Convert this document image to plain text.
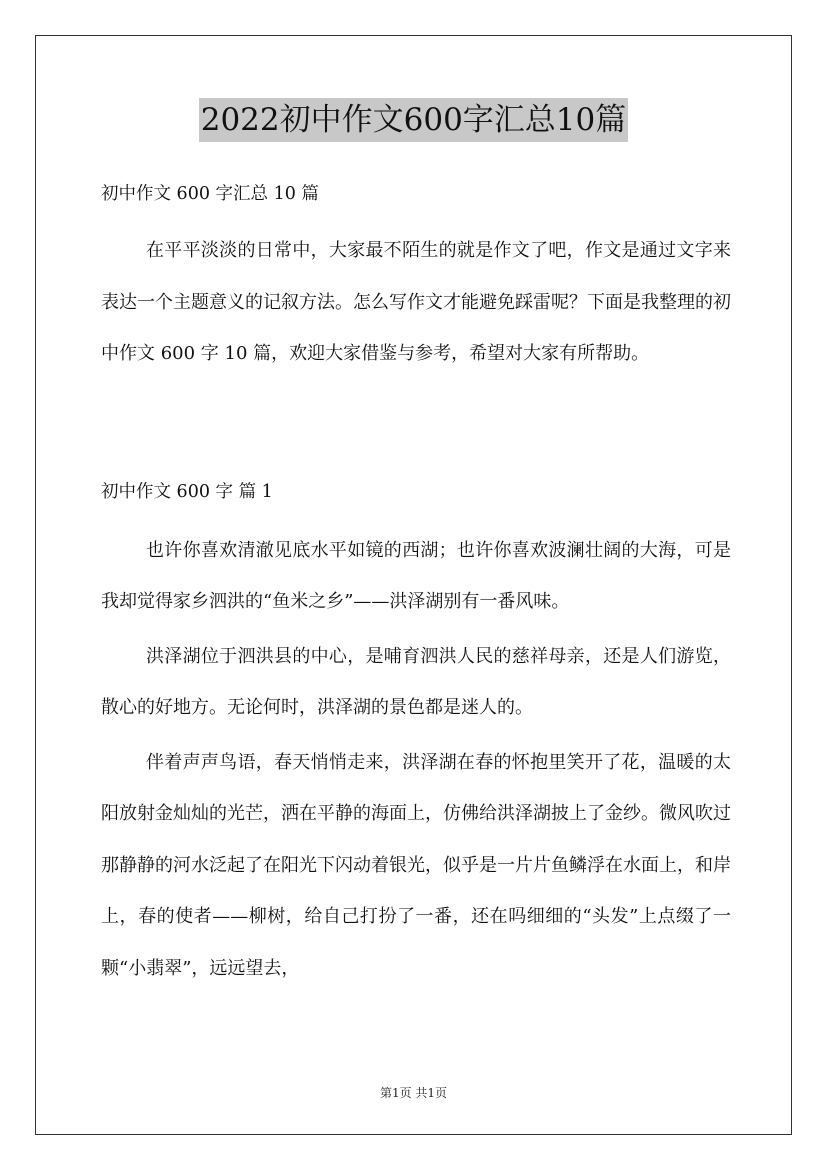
2022初中作文600字汇总10篇

初中作文 600 字汇总 10 篇

在平平淡淡的日常中，大家最不陌生的就是作文了吧，作文是通过文字来表达一个主题意义的记叙方法。怎么写作文才能避免踩雷呢？下面是我整理的初中作文 600 字 10 篇，欢迎大家借鉴与参考，希望对大家有所帮助。

初中作文 600 字 篇 1

也许你喜欢清澈见底水平如镜的西湖；也许你喜欢波澜壮阔的大海，可是我却觉得家乡泗洪的“鱼米之乡”——洪泽湖别有一番风味。

洪泽湖位于泗洪县的中心，是哺育泗洪人民的慈祥母亲，还是人们游览，散心的好地方。无论何时，洪泽湖的景色都是迷人的。

伴着声声鸟语，春天悄悄走来，洪泽湖在春的怀抱里笑开了花，温暖的太阳放射金灿灿的光芒，洒在平静的海面上，仿佛给洪泽湖披上了金纱。微风吹过那静静的河水泛起了在阳光下闪动着银光，似乎是一片片鱼鳞浮在水面上，和岸上，春的使者——柳树，给自己打扮了一番，还在吗细细的“头发”上点缀了一颗“小翡翠”，远远望去，

第1页 共1页
